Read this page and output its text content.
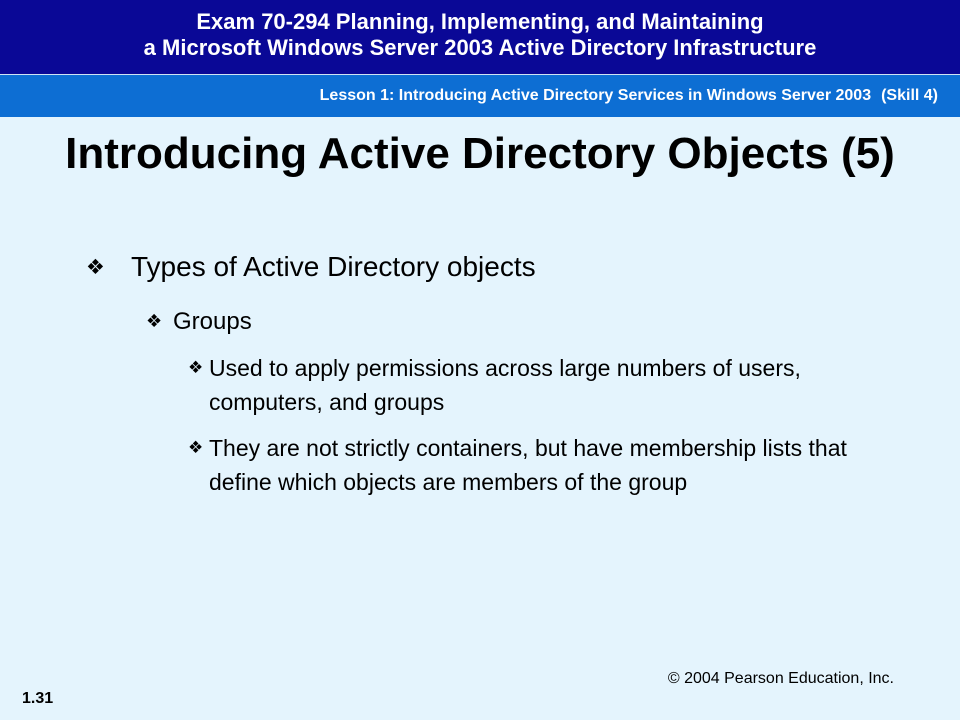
Exam 70-294 Planning, Implementing, and Maintaining
a Microsoft Windows Server 2003 Active Directory Infrastructure
Lesson 1: Introducing Active Directory Services in Windows Server 2003 (Skill 4)
Introducing Active Directory Objects (5)
❖ Types of Active Directory objects
❖ Groups
❖ Used to apply permissions across large numbers of users, computers, and groups
❖ They are not strictly containers, but have membership lists that define which objects are members of the group
© 2004 Pearson Education, Inc.
1.31
